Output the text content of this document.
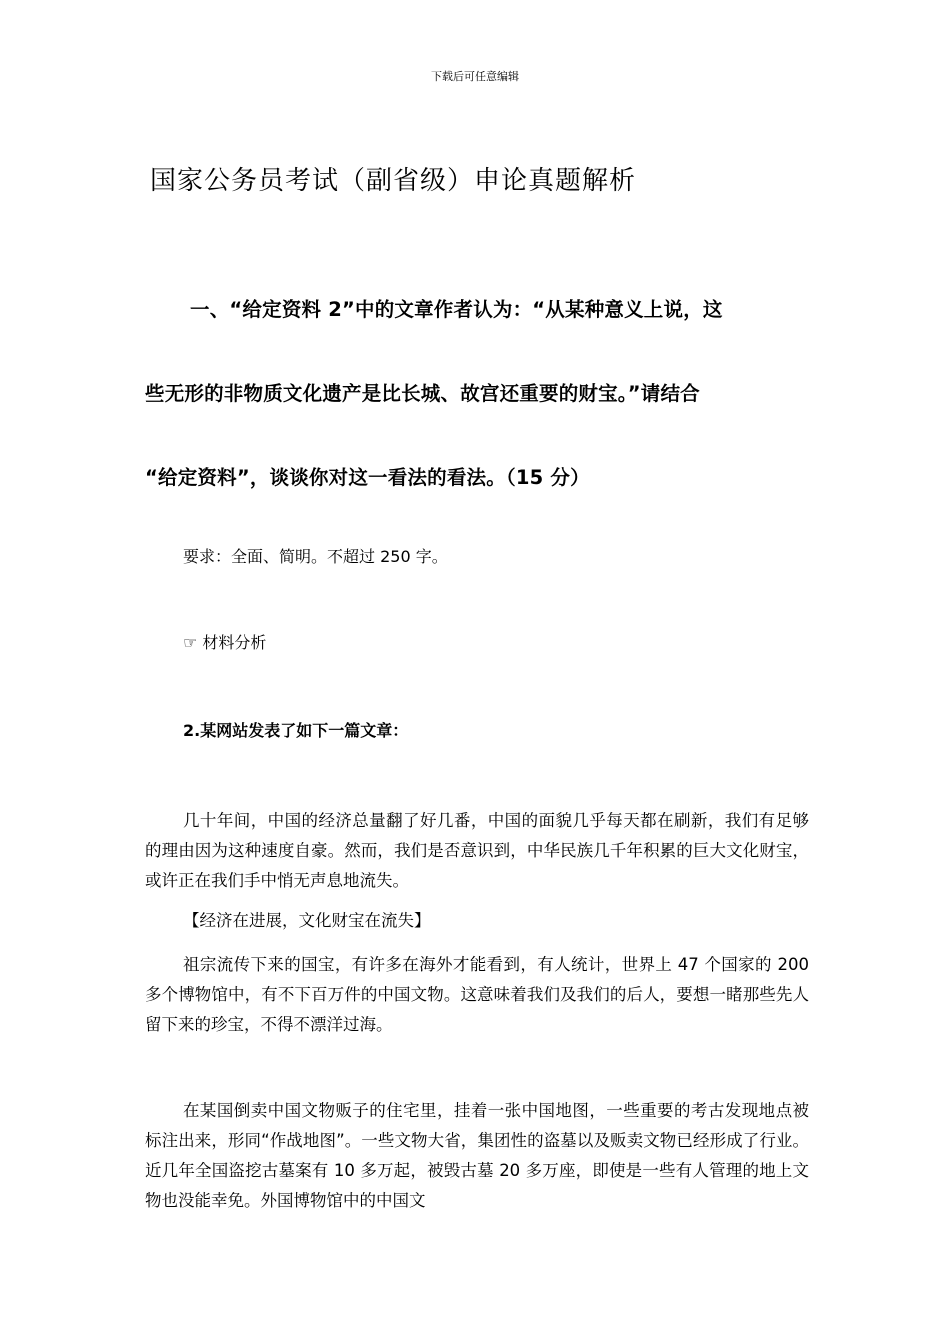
下载后可任意编辑
国家公务员考试（副省级）申论真题解析
一、“给定资料 2”中的文章作者认为：“从某种意义上说，这
些无形的非物质文化遗产是比长城、故宫还重要的财宝。”请结合
“给定资料”，谈谈你对这一看法的看法。（15 分）
要求：全面、简明。不超过 250 字。
☞ 材料分析
2.某网站发表了如下一篇文章：

几十年间，中国的经济总量翻了好几番，中国的面貌几乎每天都在刷新，我们有足够的理由因为这种速度自豪。然而，我们是否意识到，中华民族几千年积累的巨大文化财宝，或许正在我们手中悄无声息地流失。

【经济在进展，文化财宝在流失】

祖宗流传下来的国宝，有许多在海外才能看到，有人统计，世界上 47 个国家的 200 多个博物馆中，有不下百万件的中国文物。这意味着我们及我们的后人，要想一睹那些先人留下来的珍宝，不得不漂洋过海。

在某国倒卖中国文物贩子的住宅里，挂着一张中国地图，一些重要的考古发现地点被标注出来，形同“作战地图”。一些文物大省，集团性的盗墓以及贩卖文物已经形成了行业。近几年全国盗挖古墓案有 10 多万起，被毁古墓 20 多万座，即使是一些有人管理的地上文物也没能幸免。外国博物馆中的中国文
